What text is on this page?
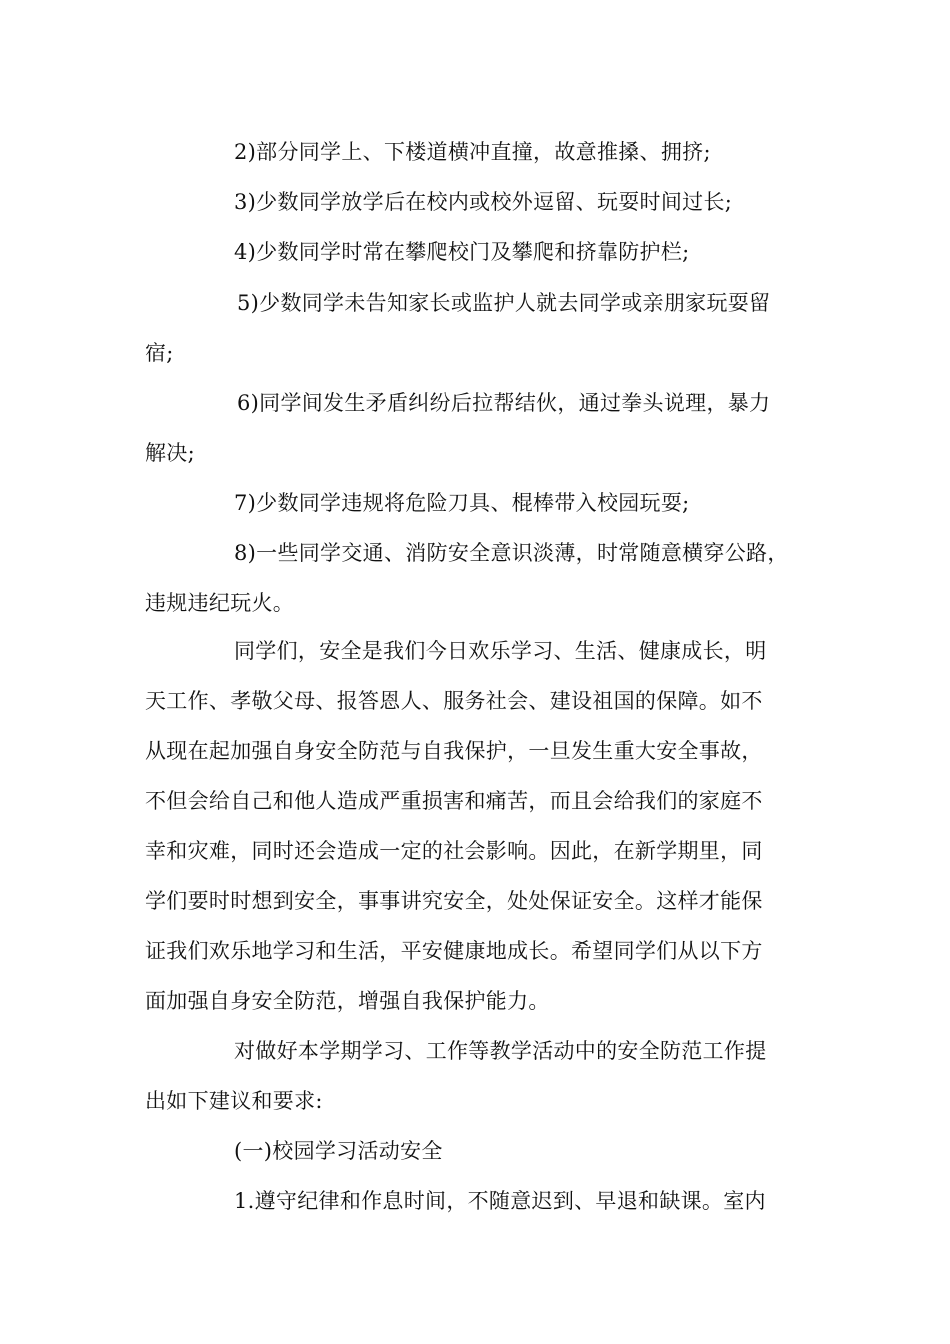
2)部分同学上、下楼道横冲直撞，故意推搡、拥挤;
3)少数同学放学后在校内或校外逗留、玩耍时间过长;
4)少数同学时常在攀爬校门及攀爬和挤靠防护栏;
5)少数同学未告知家长或监护人就去同学或亲朋家玩耍留
宿;
6)同学间发生矛盾纠纷后拉帮结伙，通过拳头说理，暴力
解决;
7)少数同学违规将危险刀具、棍棒带入校园玩耍;
8)一些同学交通、消防安全意识淡薄，时常随意横穿公路，
违规违纪玩火。
同学们，安全是我们今日欢乐学习、生活、健康成长，明
天工作、孝敬父母、报答恩人、服务社会、建设祖国的保障。如不
从现在起加强自身安全防范与自我保护，一旦发生重大安全事故，
不但会给自己和他人造成严重损害和痛苦，而且会给我们的家庭不
幸和灾难，同时还会造成一定的社会影响。因此，在新学期里，同
学们要时时想到安全，事事讲究安全，处处保证安全。这样才能保
证我们欢乐地学习和生活，平安健康地成长。希望同学们从以下方
面加强自身安全防范，增强自我保护能力。
对做好本学期学习、工作等教学活动中的安全防范工作提
出如下建议和要求:
(一)校园学习活动安全
1.遵守纪律和作息时间，不随意迟到、早退和缺课。室内
